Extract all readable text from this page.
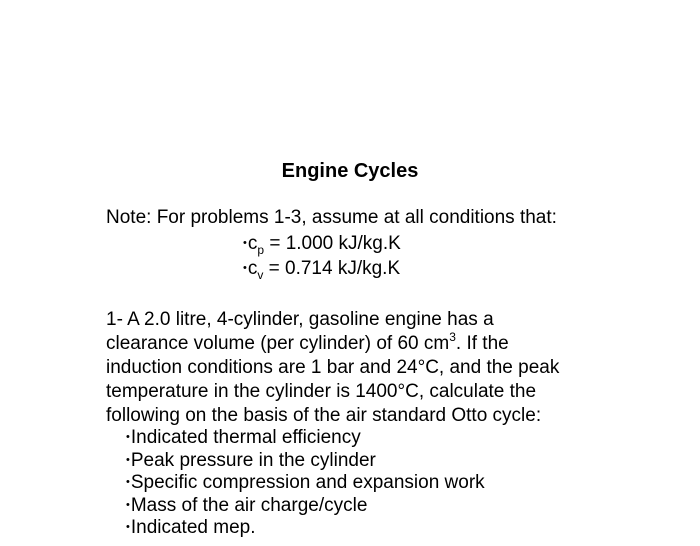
Engine Cycles
Note: For problems 1-3, assume at all conditions that:
$•c_p = 1.000$ kJ/kg.K
$•c_v = 0.714$ kJ/kg.K
1- A 2.0 litre, 4-cylinder, gasoline engine has a
clearance volume (per cylinder) of 60 $cm^3$. If the
induction conditions are 1 bar and 24°C, and the peak
temperature in the cylinder is 1400°C, calculate the
following on the basis of the air standard Otto cycle:
•Indicated thermal efficiency
•Peak pressure in the cylinder
•Specific compression and expansion work
•Mass of the air charge/cycle
•Indicated mep.
